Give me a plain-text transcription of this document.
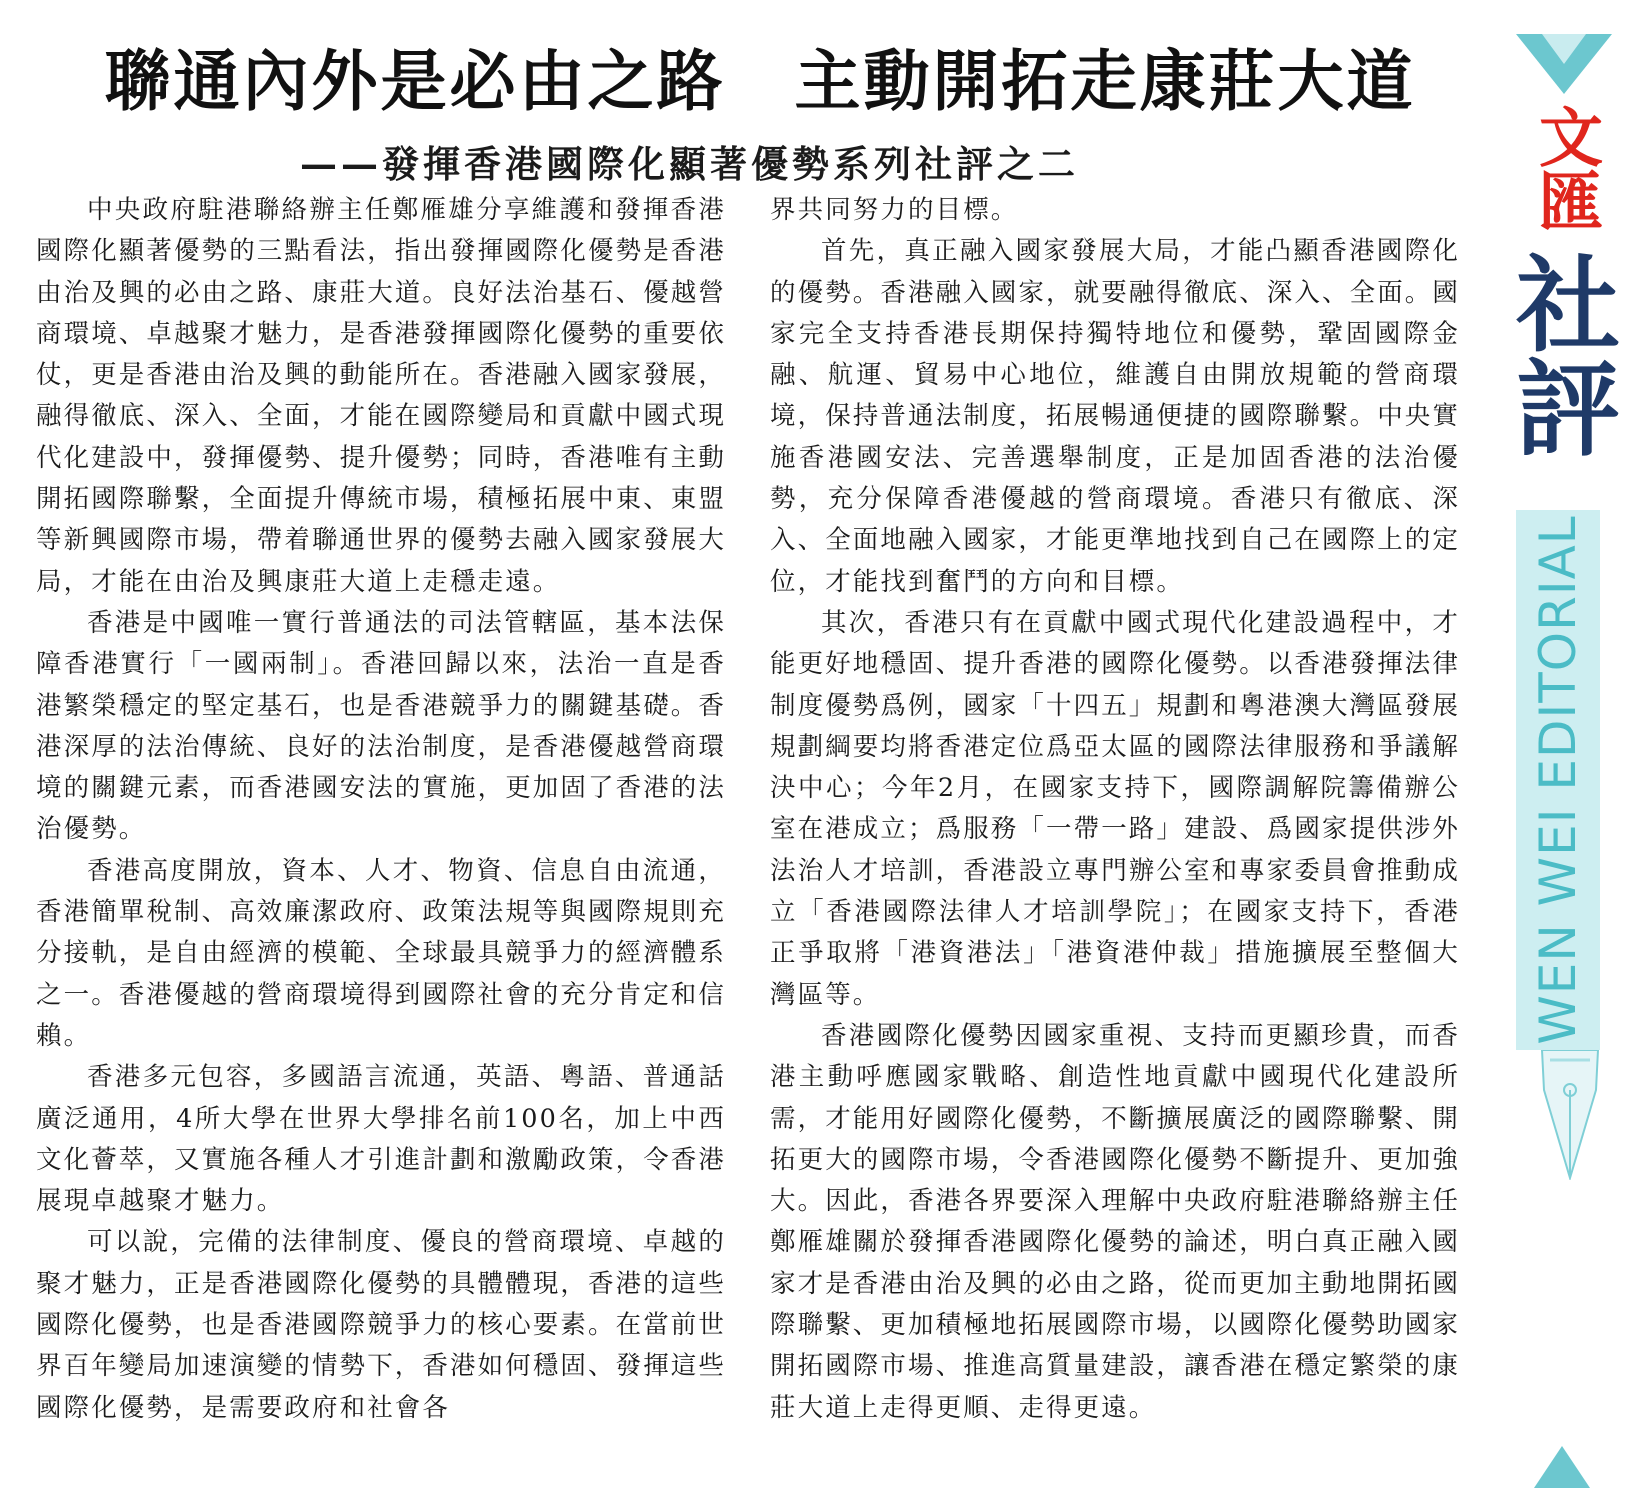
聯通內外是必由之路　主動開拓走康莊大道
——發揮香港國際化顯著優勢系列社評之二

中央政府駐港聯絡辦主任鄭雁雄分享維護和發揮香港國際化顯著優勢的三點看法，指出發揮國際化優勢是香港由治及興的必由之路、康莊大道。良好法治基石、優越營商環境、卓越聚才魅力，是香港發揮國際化優勢的重要依仗，更是香港由治及興的動能所在。香港融入國家發展，融得徹底、深入、全面，才能在國際變局和貢獻中國式現代化建設中，發揮優勢、提升優勢；同時，香港唯有主動開拓國際聯繫，全面提升傳統市場，積極拓展中東、東盟等新興國際市場，帶着聯通世界的優勢去融入國家發展大局，才能在由治及興康莊大道上走穩走遠。

香港是中國唯一實行普通法的司法管轄區，基本法保障香港實行「一國兩制」。香港回歸以來，法治一直是香港繁榮穩定的堅定基石，也是香港競爭力的關鍵基礎。香港深厚的法治傳統、良好的法治制度，是香港優越營商環境的關鍵元素，而香港國安法的實施，更加固了香港的法治優勢。

香港高度開放，資本、人才、物資、信息自由流通，香港簡單稅制、高效廉潔政府、政策法規等與國際規則充分接軌，是自由經濟的模範、全球最具競爭力的經濟體系之一。香港優越的營商環境得到國際社會的充分肯定和信賴。

香港多元包容，多國語言流通，英語、粵語、普通話廣泛通用，4所大學在世界大學排名前100名，加上中西文化薈萃，又實施各種人才引進計劃和激勵政策，令香港展現卓越聚才魅力。

可以說，完備的法律制度、優良的營商環境、卓越的聚才魅力，正是香港國際化優勢的具體體現，香港的這些國際化優勢，也是香港國際競爭力的核心要素。在當前世界百年變局加速演變的情勢下，香港如何穩固、發揮這些國際化優勢，是需要政府和社會各

界共同努力的目標。

首先，真正融入國家發展大局，才能凸顯香港國際化的優勢。香港融入國家，就要融得徹底、深入、全面。國家完全支持香港長期保持獨特地位和優勢，鞏固國際金融、航運、貿易中心地位，維護自由開放規範的營商環境，保持普通法制度，拓展暢通便捷的國際聯繫。中央實施香港國安法、完善選舉制度，正是加固香港的法治優勢，充分保障香港優越的營商環境。香港只有徹底、深入、全面地融入國家，才能更準地找到自己在國際上的定位，才能找到奮鬥的方向和目標。

其次，香港只有在貢獻中國式現代化建設過程中，才能更好地穩固、提升香港的國際化優勢。以香港發揮法律制度優勢爲例，國家「十四五」規劃和粵港澳大灣區發展規劃綱要均將香港定位爲亞太區的國際法律服務和爭議解決中心；今年2月，在國家支持下，國際調解院籌備辦公室在港成立；爲服務「一帶一路」建設、爲國家提供涉外法治人才培訓，香港設立專門辦公室和專家委員會推動成立「香港國際法律人才培訓學院」；在國家支持下，香港正爭取將「港資港法」「港資港仲裁」措施擴展至整個大灣區等。

香港國際化優勢因國家重視、支持而更顯珍貴，而香港主動呼應國家戰略、創造性地貢獻中國現代化建設所需，才能用好國際化優勢，不斷擴展廣泛的國際聯繫、開拓更大的國際市場，令香港國際化優勢不斷提升、更加強大。因此，香港各界要深入理解中央政府駐港聯絡辦主任鄭雁雄關於發揮香港國際化優勢的論述，明白真正融入國家才是香港由治及興的必由之路，從而更加主動地開拓國際聯繫、更加積極地拓展國際市場，以國際化優勢助國家開拓國際市場、推進高質量建設，讓香港在穩定繁榮的康莊大道上走得更順、走得更遠。

文匯
社評
WEN WEI EDITORIAL
